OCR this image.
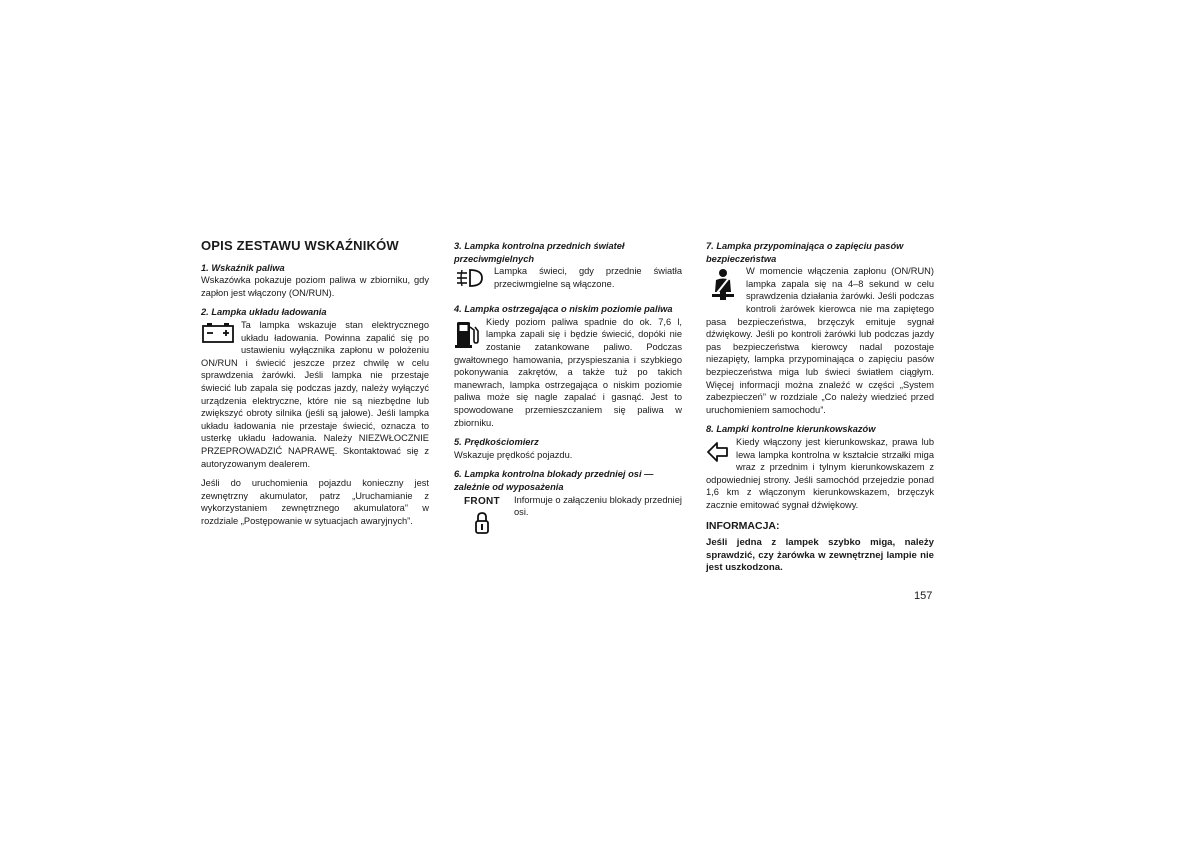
OPIS ZESTAWU WSKAŹNIKÓW
1. Wskaźnik paliwa

Wskazówka pokazuje poziom paliwa w zbiorniku, gdy zapłon jest włączony (ON/RUN).

2. Lampka układu ładowania

Ta lampka wskazuje stan elektrycznego układu ładowania. Powinna zapalić się po ustawieniu wyłącznika zapłonu w położeniu ON/RUN i świecić jeszcze przez chwilę w celu sprawdzenia żarówki. Jeśli lampka nie przestaje świecić lub zapala się podczas jazdy, należy wyłączyć urządzenia elektryczne, które nie są niezbędne lub zwiększyć obroty silnika (jeśli są jałowe). Jeśli lampka układu ładowania nie przestaje świecić, oznacza to usterkę układu ładowania. Należy NIEZWŁOCZNIE PRZEPROWADZIĆ NAPRAWĘ. Skontaktować się z autoryzowanym dealerem.

Jeśli do uruchomienia pojazdu konieczny jest zewnętrzny akumulator, patrz „Uruchamianie z wykorzystaniem zewnętrznego akumulatora” w rozdziale „Postępowanie w sytuacjach awaryjnych”.

3. Lampka kontrolna przednich świateł przeciwmgielnych

Lampka świeci, gdy przednie światła przeciwmgielne są włączone.

4. Lampka ostrzegająca o niskim poziomie paliwa

Kiedy poziom paliwa spadnie do ok. 7,6 l, lampka zapali się i będzie świecić, dopóki nie zostanie zatankowane paliwo. Podczas gwałtownego hamowania, przyspieszania i szybkiego pokonywania zakrętów, a także tuż po takich manewrach, lampka ostrzegająca o niskim poziomie paliwa może się nagle zapalać i gasnąć. Jest to spowodowane przemieszczaniem się paliwa w zbiorniku.

5. Prędkościomierz

Wskazuje prędkość pojazdu.

6. Lampka kontrolna blokady przedniej osi — zależnie od wyposażenia
FRONT	Informuje o załączeniu blokady przedniej osi.

7. Lampka przypominająca o zapięciu pasów bezpieczeństwa

W momencie włączenia zapłonu (ON/RUN) lampka zapala się na 4–8 sekund w celu sprawdzenia działania żarówki. Jeśli podczas kontroli żarówek kierowca nie ma zapiętego pasa bezpieczeństwa, brzęczyk emituje sygnał dźwiękowy. Jeśli po kontroli żarówki lub podczas jazdy pas bezpieczeństwa kierowcy nadal pozostaje niezapięty, lampka przypominająca o zapięciu pasów bezpieczeństwa miga lub świeci światłem ciągłym. Więcej informacji można znaleźć w części „System zabezpieczeń” w rozdziale „Co należy wiedzieć przed uruchomieniem samochodu”.

8. Lampki kontrolne kierunkowskazów

Kiedy włączony jest kierunkowskaz, prawa lub lewa lampka kontrolna w kształcie strzałki miga wraz z przednim i tylnym kierunkowskazem z odpowiedniej strony. Jeśli samochód przejedzie ponad 1,6 km z włączonym kierunkowskazem, brzęczyk zacznie emitować sygnał dźwiękowy.

INFORMACJA:
Jeśli jedna z lampek szybko miga, należy sprawdzić, czy żarówka w zewnętrznej lampie nie jest uszkodzona.
157
